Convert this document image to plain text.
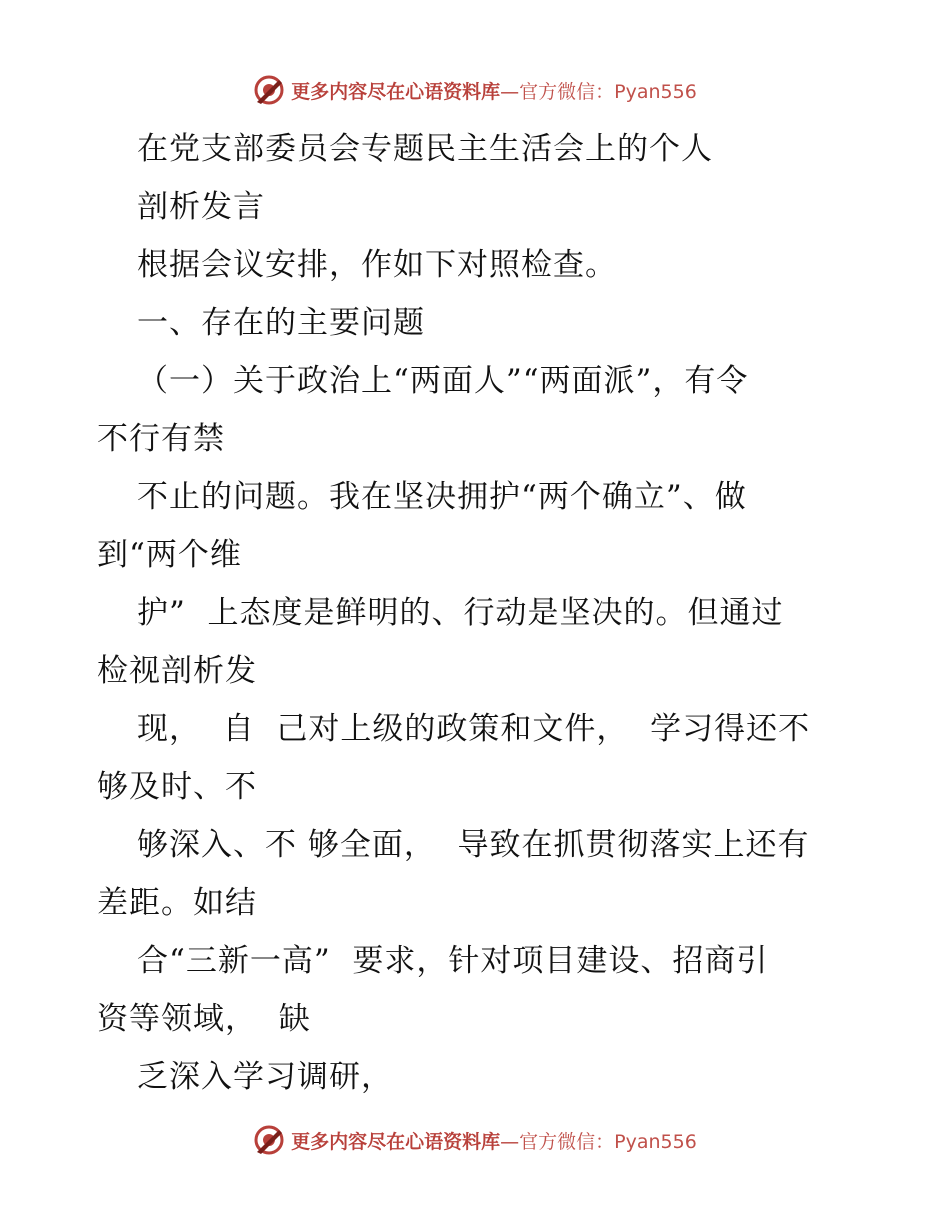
更多内容尽在心语资料库—官方微信：Pyan556
在党支部委员会专题民主生活会上的个人
剖析发言
根据会议安排，作如下对照检查。
一、存在的主要问题
（一）关于政治上“两面人”“两面派”，有令
不行有禁
不止的问题。我在坚决拥护“两个确立”、做
到“两个维
护”  上态度是鲜明的、行动是坚决的。但通过
检视剖析发
现，  自  己对上级的政策和文件，  学习得还不
够及时、不
够深入、不 够全面，  导致在抓贯彻落实上还有
差距。如结
合“三新一高”  要求，针对项目建设、招商引
资等领域，  缺
乏深入学习调研，
更多内容尽在心语资料库—官方微信：Pyan556
